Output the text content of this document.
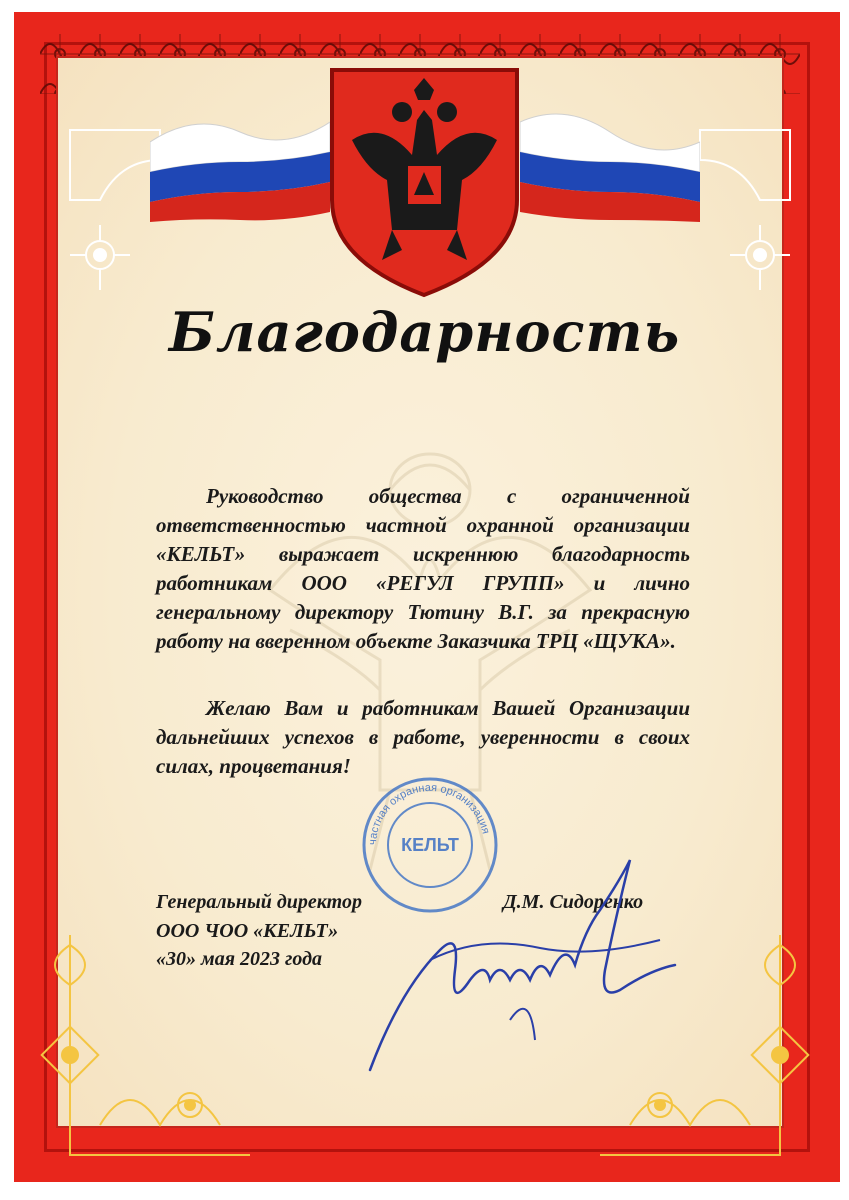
Благодарность
Руководство общества с ограниченной ответственностью частной охранной организации «КЕЛЬТ» выражает искреннюю благодарность работникам ООО «РЕГУЛ ГРУПП» и лично генеральному директору Тютину В.Г. за прекрасную работу на вверенном объекте Заказчика ТРЦ «ЩУКА».
Желаю Вам и работникам Вашей Организации дальнейших успехов в работе, уверенности в своих силах, процветания!
частная охранная организация
КЕЛЬТ
Генеральный директор	Д.М. Сидоренко
ООО ЧОО «КЕЛЬТ»
«30» мая 2023 года
